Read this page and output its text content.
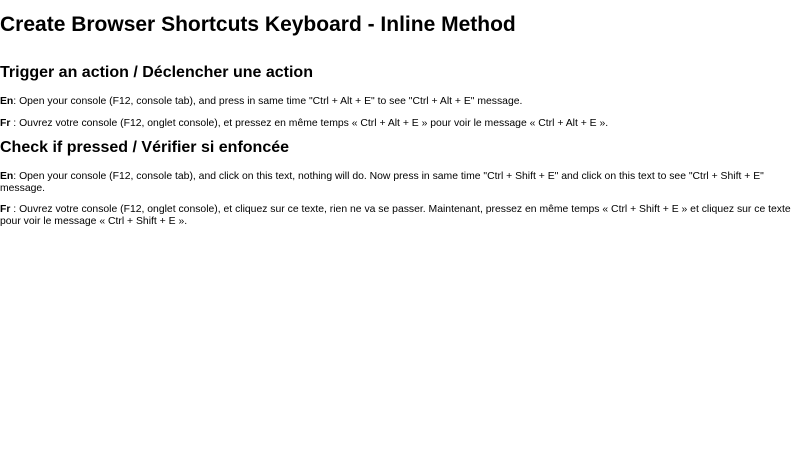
Create Browser Shortcuts Keyboard - Inline Method
Trigger an action / Déclencher une action

En: Open your console (F12, console tab), and press in same time "Ctrl + Alt + E" to see "Ctrl + Alt + E" message.

Fr : Ouvrez votre console (F12, onglet console), et pressez en même temps « Ctrl + Alt + E » pour voir le message « Ctrl + Alt + E ».

Check if pressed / Vérifier si enfoncée

En: Open your console (F12, console tab), and click on this text, nothing will do. Now press in same time "Ctrl + Shift + E" and click on this text to see "Ctrl + Shift + E" message.

Fr : Ouvrez votre console (F12, onglet console), et cliquez sur ce texte, rien ne va se passer. Maintenant, pressez en même temps « Ctrl + Shift + E » et cliquez sur ce texte pour voir le message « Ctrl + Shift + E ».
